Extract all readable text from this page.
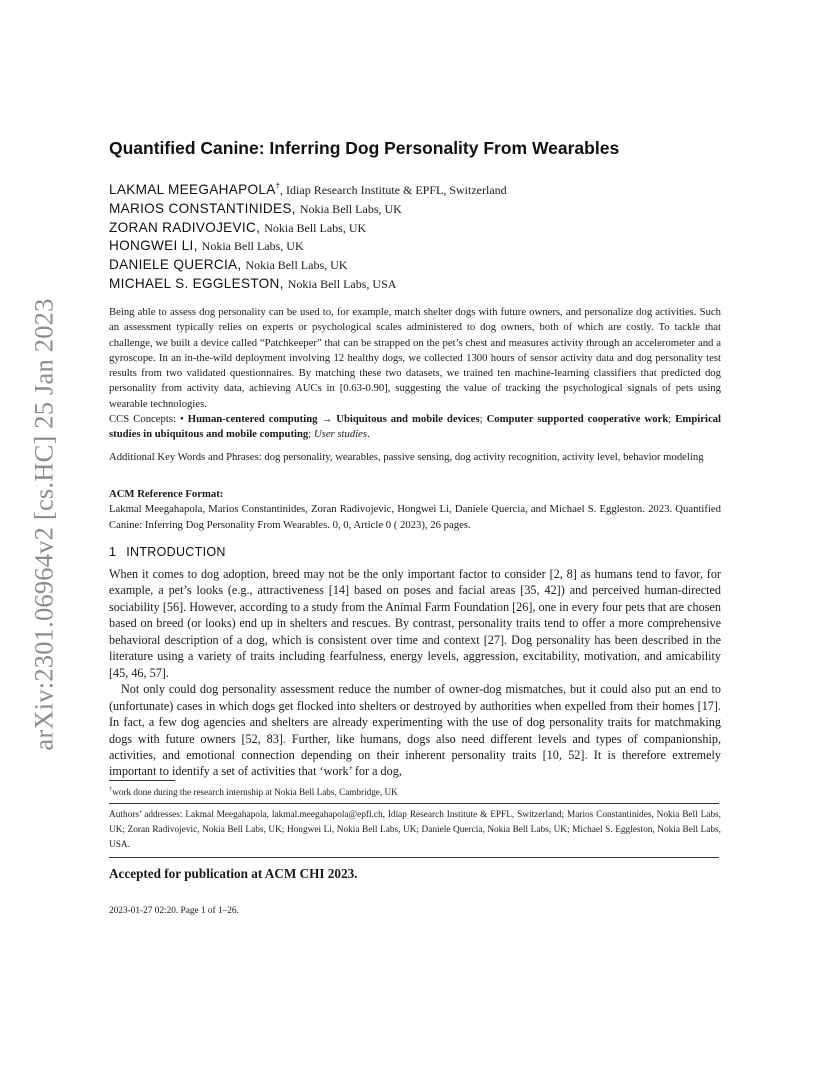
arXiv:2301.06964v2 [cs.HC] 25 Jan 2023
Quantified Canine: Inferring Dog Personality From Wearables
LAKMAL MEEGAHAPOLA†, Idiap Research Institute & EPFL, Switzerland
MARIOS CONSTANTINIDES, Nokia Bell Labs, UK
ZORAN RADIVOJEVIC, Nokia Bell Labs, UK
HONGWEI LI, Nokia Bell Labs, UK
DANIELE QUERCIA, Nokia Bell Labs, UK
MICHAEL S. EGGLESTON, Nokia Bell Labs, USA
Being able to assess dog personality can be used to, for example, match shelter dogs with future owners, and personalize dog activities. Such an assessment typically relies on experts or psychological scales administered to dog owners, both of which are costly. To tackle that challenge, we built a device called “Patchkeeper” that can be strapped on the pet’s chest and measures activity through an accelerometer and a gyroscope. In an in-the-wild deployment involving 12 healthy dogs, we collected 1300 hours of sensor activity data and dog personality test results from two validated questionnaires. By matching these two datasets, we trained ten machine-learning classifiers that predicted dog personality from activity data, achieving AUCs in [0.63-0.90], suggesting the value of tracking the psychological signals of pets using wearable technologies.
CCS Concepts: • Human-centered computing → Ubiquitous and mobile devices; Computer supported cooperative work; Empirical studies in ubiquitous and mobile computing; User studies.
Additional Key Words and Phrases: dog personality, wearables, passive sensing, dog activity recognition, activity level, behavior modeling
ACM Reference Format:
Lakmal Meegahapola, Marios Constantinides, Zoran Radivojevic, Hongwei Li, Daniele Quercia, and Michael S. Eggleston. 2023. Quantified Canine: Inferring Dog Personality From Wearables. 0, 0, Article 0 ( 2023), 26 pages.
1 INTRODUCTION

When it comes to dog adoption, breed may not be the only important factor to consider [2, 8] as humans tend to favor, for example, a pet’s looks (e.g., attractiveness [14] based on poses and facial areas [35, 42]) and perceived human-directed sociability [56]. However, according to a study from the Animal Farm Foundation [26], one in every four pets that are chosen based on breed (or looks) end up in shelters and rescues. By contrast, personality traits tend to offer a more comprehensive behavioral description of a dog, which is consistent over time and context [27]. Dog personality has been described in the literature using a variety of traits including fearfulness, energy levels, aggression, excitability, motivation, and amicability [45, 46, 57].

Not only could dog personality assessment reduce the number of owner-dog mismatches, but it could also put an end to (unfortunate) cases in which dogs get flocked into shelters or destroyed by authorities when expelled from their homes [17]. In fact, a few dog agencies and shelters are already experimenting with the use of dog personality traits for matchmaking dogs with future owners [52, 83]. Further, like humans, dogs also need different levels and types of companionship, activities, and emotional connection depending on their inherent personality traits [10, 52]. It is therefore extremely important to identify a set of activities that ‘work’ for a dog,

†work done during the research internship at Nokia Bell Labs, Cambridge, UK
Authors’ addresses: Lakmal Meegahapola, lakmal.meegahapola@epfl.ch, Idiap Research Institute & EPFL, Switzerland; Marios Constantinides, Nokia Bell Labs, UK; Zoran Radivojevic, Nokia Bell Labs, UK; Hongwei Li, Nokia Bell Labs, UK; Daniele Quercia, Nokia Bell Labs, UK; Michael S. Eggleston, Nokia Bell Labs, USA.
Accepted for publication at ACM CHI 2023.
2023-01-27 02:20. Page 1 of 1–26.
